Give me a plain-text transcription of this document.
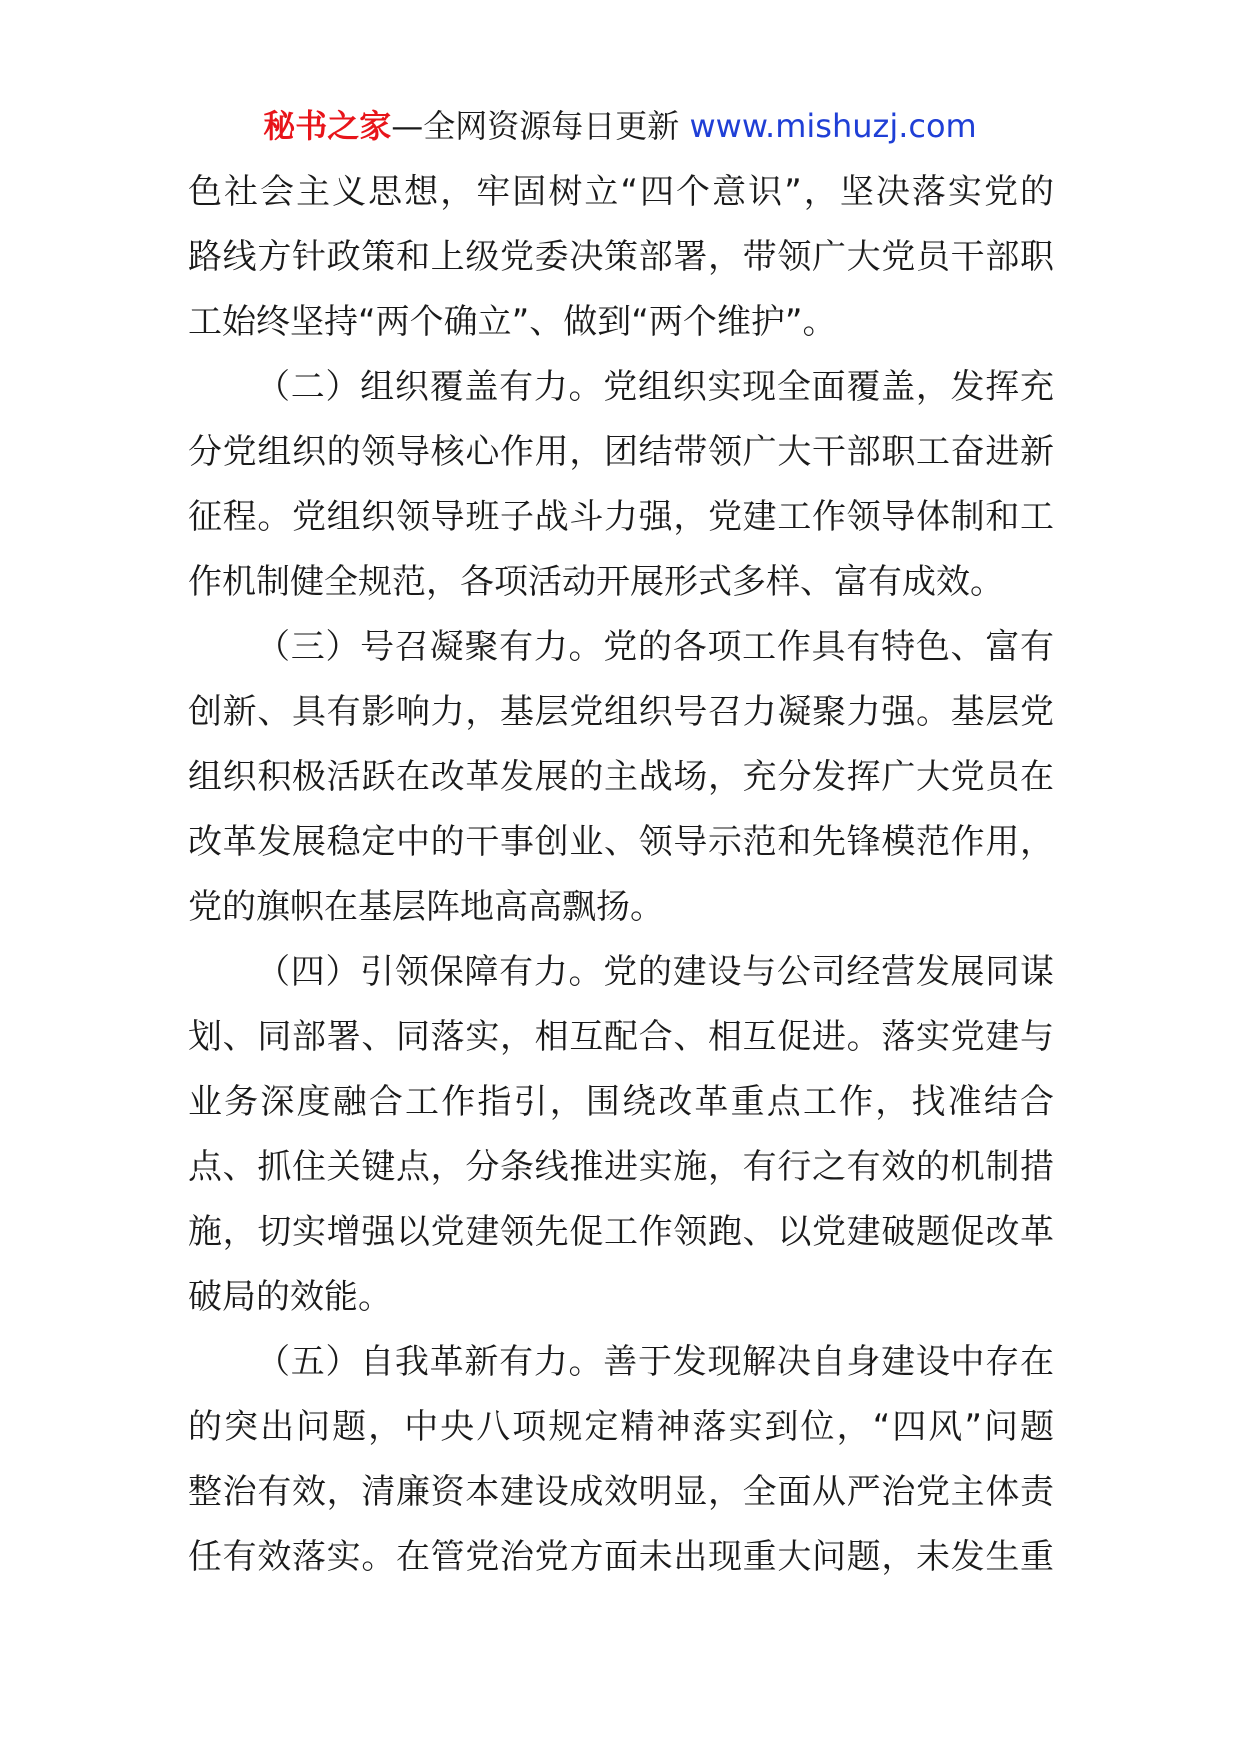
秘书之家—全网资源每日更新 www.mishuzj.com
色社会主义思想，牢固树立“四个意识”，坚决落实党的
路线方针政策和上级党委决策部署，带领广大党员干部职
工始终坚持“两个确立”、做到“两个维护”。
（二）组织覆盖有力。党组织实现全面覆盖，发挥充
分党组织的领导核心作用，团结带领广大干部职工奋进新
征程。党组织领导班子战斗力强，党建工作领导体制和工
作机制健全规范，各项活动开展形式多样、富有成效。
（三）号召凝聚有力。党的各项工作具有特色、富有
创新、具有影响力，基层党组织号召力凝聚力强。基层党
组织积极活跃在改革发展的主战场，充分发挥广大党员在
改革发展稳定中的干事创业、领导示范和先锋模范作用，
党的旗帜在基层阵地高高飘扬。
（四）引领保障有力。党的建设与公司经营发展同谋
划、同部署、同落实，相互配合、相互促进。落实党建与
业务深度融合工作指引，围绕改革重点工作，找准结合
点、抓住关键点，分条线推进实施，有行之有效的机制措
施，切实增强以党建领先促工作领跑、以党建破题促改革
破局的效能。
（五）自我革新有力。善于发现解决自身建设中存在
的突出问题，中央八项规定精神落实到位，“四风”问题
整治有效，清廉资本建设成效明显，全面从严治党主体责
任有效落实。在管党治党方面未出现重大问题，未发生重
